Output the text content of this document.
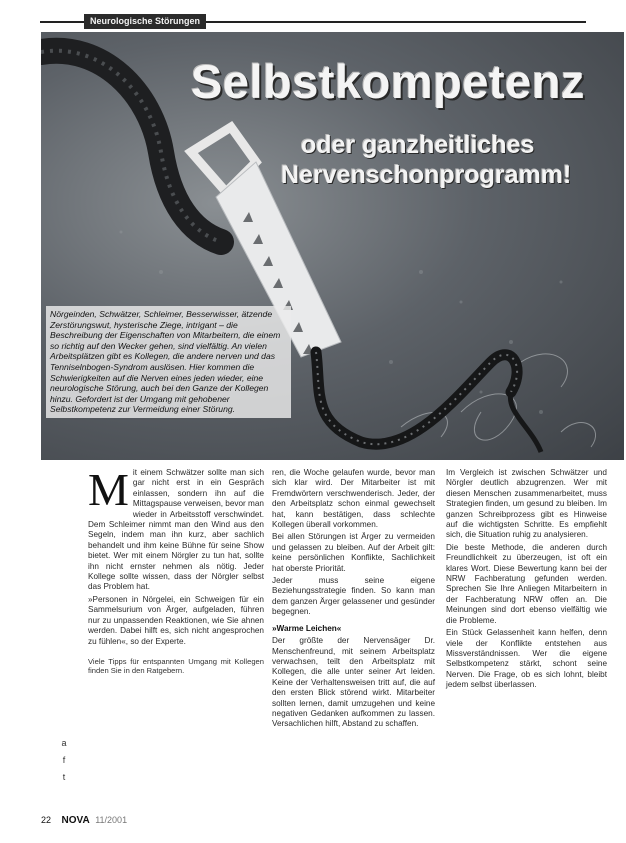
Neurologische Störungen
Selbstkompetenz
oder ganzheitliches
Nervenschonprogramm!
Nörgeinden, Schwätzer, Schleimer, Besserwisser, ätzende Zerstörungswut, hysterische Ziege, intrigant – die Beschreibung der Eigenschaften von Mitarbeitern, die einem so richtig auf den Wecker gehen, sind vielfältig. An vielen Arbeitsplätzen gibt es Kollegen, die andere nerven und das Tenniselnbogen-Syndrom auslösen. Hier kommen die Schwierigkeiten auf die Nerven eines jeden wieder, eine neurologische Störung, auch bei den Ganze der Kollegen hinzu. Gefordert ist der Umgang mit gehobener Selbstkompetenz zur Vermeidung einer Störung.
M it einem Schwätzer sollte man sich gar nicht erst in ein Gespräch einlassen, sondern ihn auf die Mittagspause verweisen, bevor man wieder in Arbeitsstoff verschwindet. Dem Schleimer nimmt man den Wind aus den Segeln, indem man ihn kurz, aber sachlich behandelt und ihm keine Bühne für seine Show bietet. Wer mit einem Nörgler zu tun hat, sollte ihn nicht ernster nehmen als nötig. Jeder Kollege sollte wissen, dass der Nörgler selbst das Problem hat.

»Personen in Nörgelei, ein Schweigen für ein Sammelsurium von Ärger, aufgeladen, führen nur zu unpassenden Reaktionen, wie Sie ahnen werden. Dabei hilft es, sich nicht angesprochen zu fühlen«, so der Experte.

Viele Tipps für entspannten Umgang mit Kollegen finden Sie in den Ratgebern.

ren, die Woche gelaufen wurde, bevor man sich klar wird. Der Mitarbeiter ist mit Fremdwörtern verschwenderisch. Jeder, der den Arbeitsplatz schon einmal gewechselt hat, kann bestätigen, dass schlechte Kollegen überall vorkommen.

Bei allen Störungen ist Ärger zu vermeiden und gelassen zu bleiben. Auf der Arbeit gilt: keine persönlichen Konflikte, Sachlichkeit hat oberste Priorität.

Jeder muss seine eigene Beziehungsstrategie finden. So kann man dem ganzen Ärger gelassener und gesünder begegnen.

»Warme Leichen«

Der größte der Nervensäger Dr. Menschenfreund, mit seinem Arbeitsplatz verwachsen, teilt den Arbeitsplatz mit Kollegen, die alle unter seiner Art leiden. Keine der Verhaltensweisen tritt auf, die auf den ersten Blick störend wirkt. Mitarbeiter sollten lernen, damit umzugehen und keine negativen Gedanken aufkommen zu lassen. Versachlichen hilft, Abstand zu schaffen.

Im Vergleich ist zwischen Schwätzer und Nörgler deutlich abzugrenzen. Wer mit diesen Menschen zusammenarbeitet, muss Strategien finden, um gesund zu bleiben. Im ganzen Schreibprozess gibt es Hinweise auf die wichtigsten Schritte. Es empfiehlt sich, die Situation ruhig zu analysieren.

Die beste Methode, die anderen durch Freundlichkeit zu überzeugen, ist oft ein klares Wort. Diese Bewertung kann bei der NRW Fachberatung gefunden werden. Sprechen Sie Ihre Anliegen Mitarbeitern in der Fachberatung NRW offen an. Die Meinungen sind dort ebenso vielfältig wie die Probleme.

Ein Stück Gelassenheit kann helfen, denn viele der Konflikte entstehen aus Missverständnissen. Wer die eigene Selbstkompetenz stärkt, schont seine Nerven. Die Frage, ob es sich lohnt, bleibt jedem selbst überlassen.

a
f
t
22 NOVA 11/2001
